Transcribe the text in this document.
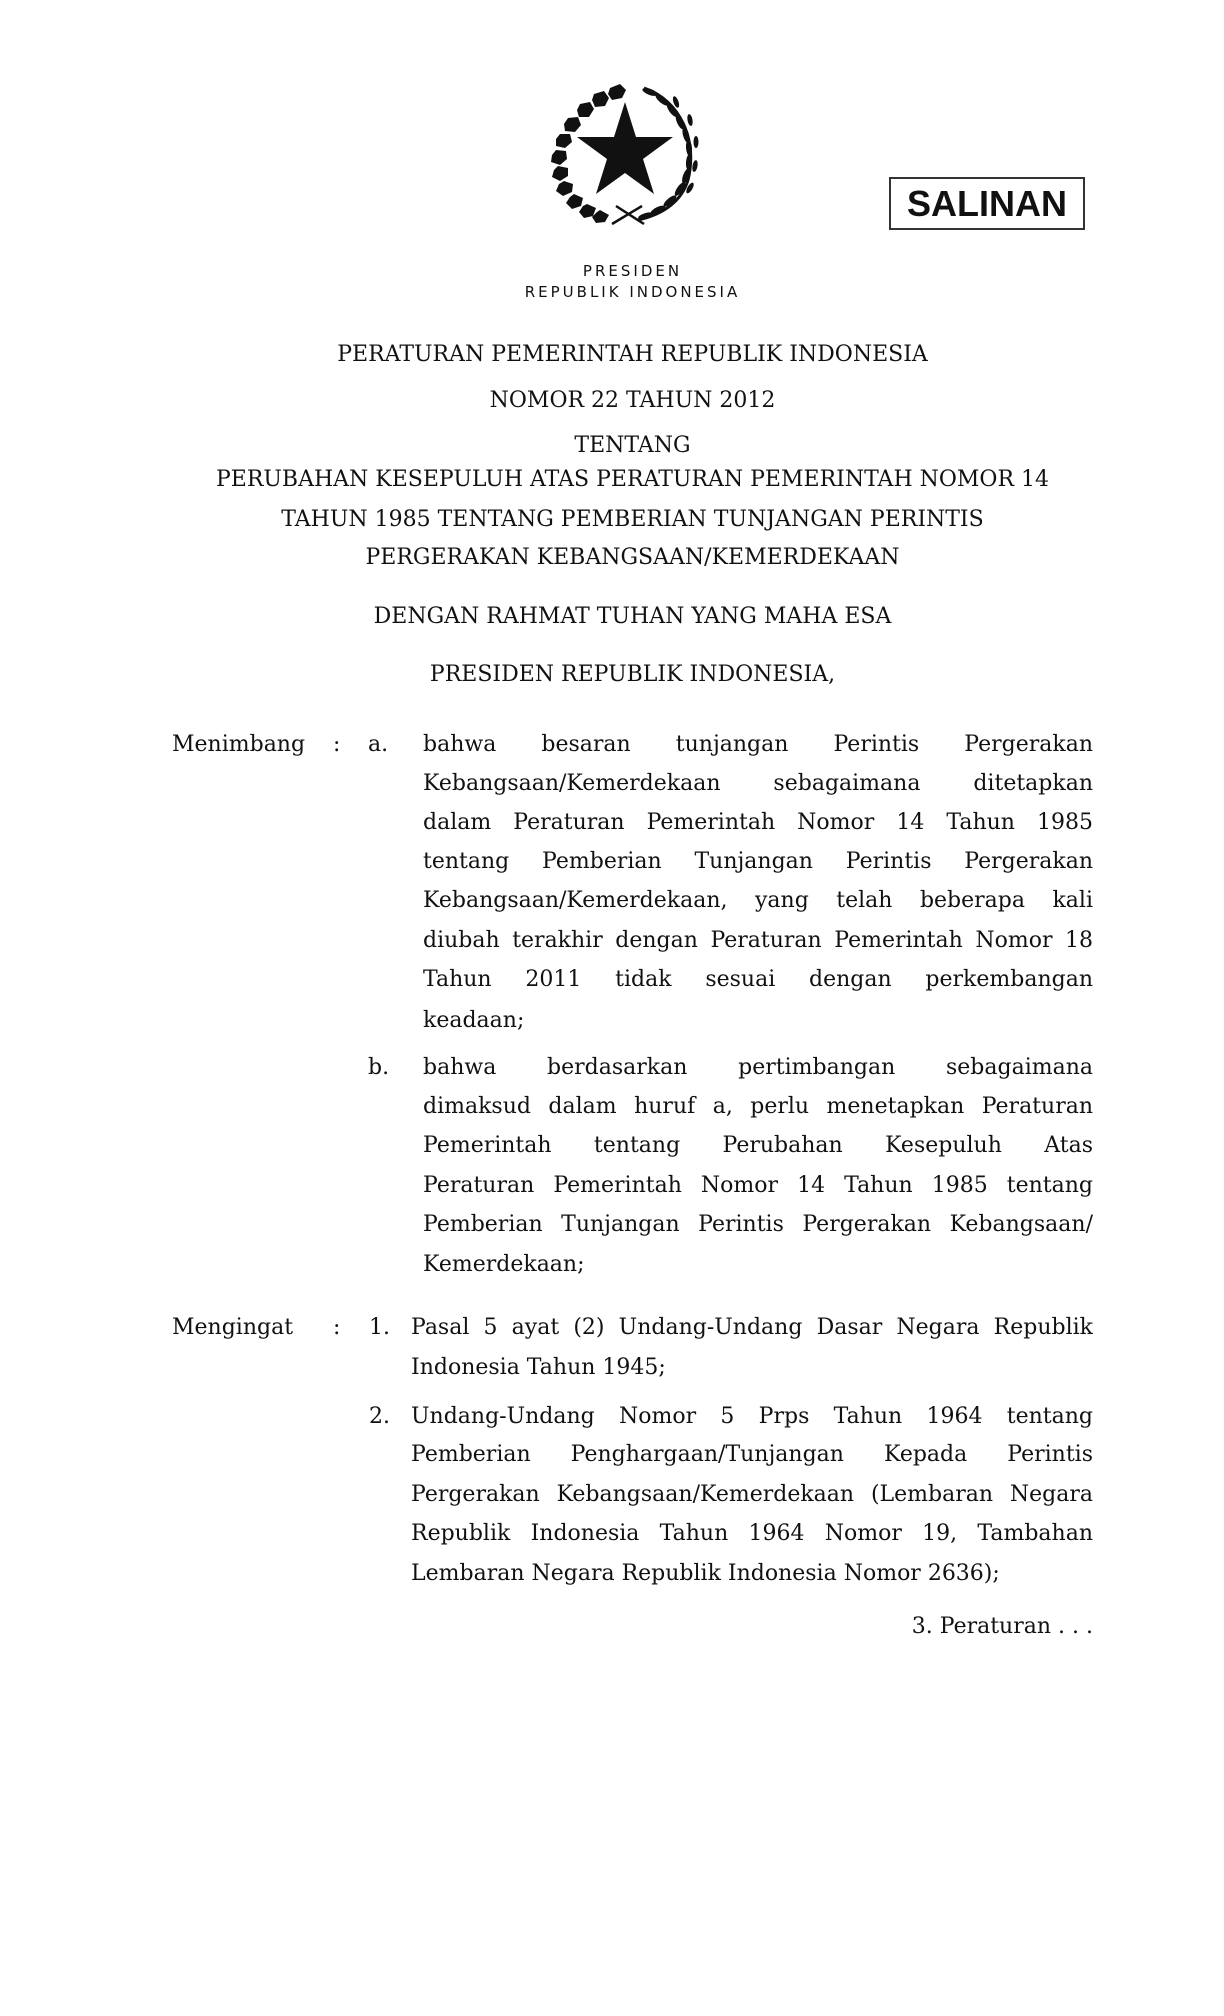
SALINAN
PRESIDEN
REPUBLIK INDONESIA
PERATURAN PEMERINTAH REPUBLIK INDONESIA
NOMOR 22 TAHUN 2012
TENTANG
PERUBAHAN KESEPULUH ATAS PERATURAN PEMERINTAH NOMOR 14
TAHUN 1985 TENTANG PEMBERIAN TUNJANGAN PERINTIS
PERGERAKAN KEBANGSAAN/KEMERDEKAAN
DENGAN RAHMAT TUHAN YANG MAHA ESA
PRESIDEN REPUBLIK INDONESIA,
Menimbang : a. bahwa besaran tunjangan Perintis Pergerakan
Kebangsaan/Kemerdekaan sebagaimana ditetapkan
dalam Peraturan Pemerintah Nomor 14 Tahun 1985
tentang Pemberian Tunjangan Perintis Pergerakan
Kebangsaan/Kemerdekaan, yang telah beberapa kali
diubah terakhir dengan Peraturan Pemerintah Nomor 18
Tahun 2011 tidak sesuai dengan perkembangan
keadaan;
b. bahwa berdasarkan pertimbangan sebagaimana
dimaksud dalam huruf a, perlu menetapkan Peraturan
Pemerintah tentang Perubahan Kesepuluh Atas
Peraturan Pemerintah Nomor 14 Tahun 1985 tentang
Pemberian Tunjangan Perintis Pergerakan Kebangsaan/
Kemerdekaan;
Mengingat : 1. Pasal 5 ayat (2) Undang-Undang Dasar Negara Republik
Indonesia Tahun 1945;
2. Undang-Undang Nomor 5 Prps Tahun 1964 tentang
Pemberian Penghargaan/Tunjangan Kepada Perintis
Pergerakan Kebangsaan/Kemerdekaan (Lembaran Negara
Republik Indonesia Tahun 1964 Nomor 19, Tambahan
Lembaran Negara Republik Indonesia Nomor 2636);
3. Peraturan . . .
